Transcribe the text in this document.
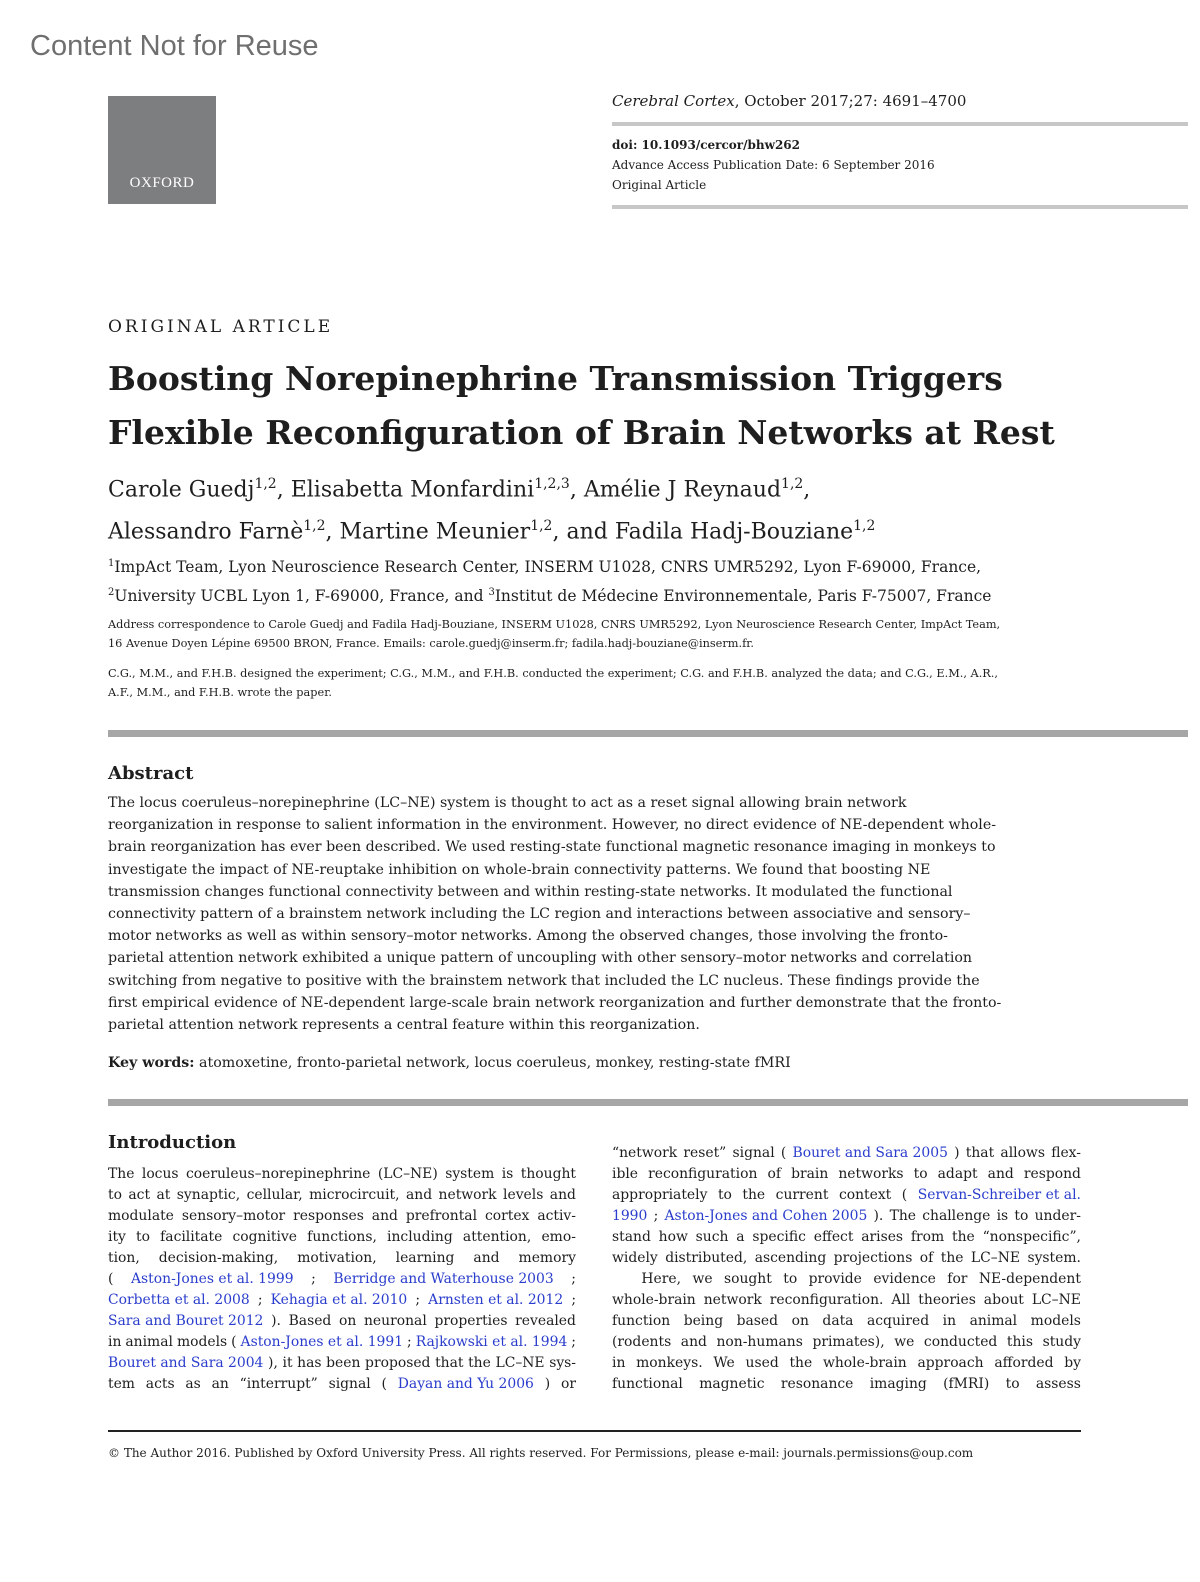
Content Not for Reuse
OXFORD
Cerebral Cortex, October 2017;27: 4691–4700
doi: 10.1093/cercor/bhw262
Advance Access Publication Date: 6 September 2016
Original Article
ORIGINAL ARTICLE
Boosting Norepinephrine Transmission Triggers
Flexible Reconfiguration of Brain Networks at Rest
Carole Guedj$^{1,2}$, Elisabetta Monfardini$^{1,2,3}$, Amélie J Reynaud$^{1,2}$,
Alessandro Farnè$^{1,2}$, Martine Meunier$^{1,2}$, and Fadila Hadj-Bouziane$^{1,2}$
$^1$ImpAct Team, Lyon Neuroscience Research Center, INSERM U1028, CNRS UMR5292, Lyon F-69000, France,
$^2$University UCBL Lyon 1, F-69000, France, and $^3$Institut de Médecine Environnementale, Paris F-75007, France
Address correspondence to Carole Guedj and Fadila Hadj-Bouziane, INSERM U1028, CNRS UMR5292, Lyon Neuroscience Research Center, ImpAct Team,
16 Avenue Doyen Lépine 69500 BRON, France. Emails: carole.guedj@inserm.fr; fadila.hadj-bouziane@inserm.fr.
C.G., M.M., and F.H.B. designed the experiment; C.G., M.M., and F.H.B. conducted the experiment; C.G. and F.H.B. analyzed the data; and C.G., E.M., A.R.,
A.F., M.M., and F.H.B. wrote the paper.
Abstract
The locus coeruleus–norepinephrine (LC–NE) system is thought to act as a reset signal allowing brain network
reorganization in response to salient information in the environment. However, no direct evidence of NE-dependent whole-
brain reorganization has ever been described. We used resting-state functional magnetic resonance imaging in monkeys to
investigate the impact of NE-reuptake inhibition on whole-brain connectivity patterns. We found that boosting NE
transmission changes functional connectivity between and within resting-state networks. It modulated the functional
connectivity pattern of a brainstem network including the LC region and interactions between associative and sensory–
motor networks as well as within sensory–motor networks. Among the observed changes, those involving the fronto-
parietal attention network exhibited a unique pattern of uncoupling with other sensory–motor networks and correlation
switching from negative to positive with the brainstem network that included the LC nucleus. These findings provide the
first empirical evidence of NE-dependent large-scale brain network reorganization and further demonstrate that the fronto-
parietal attention network represents a central feature within this reorganization.
Key words: atomoxetine, fronto-parietal network, locus coeruleus, monkey, resting-state fMRI
Introduction
The locus coeruleus–norepinephrine (LC–NE) system is thought
to act at synaptic, cellular, microcircuit, and network levels and
modulate sensory–motor responses and prefrontal cortex activ-
ity to facilitate cognitive functions, including attention, emo-
tion, decision-making, motivation, learning and memory
( Aston-Jones et al. 1999 ; Berridge and Waterhouse 2003 ;
Corbetta et al. 2008 ; Kehagia et al. 2010 ; Arnsten et al. 2012 ;
Sara and Bouret 2012 ). Based on neuronal properties revealed
in animal models ( Aston-Jones et al. 1991 ; Rajkowski et al. 1994 ;
Bouret and Sara 2004 ), it has been proposed that the LC–NE sys-
tem acts as an “interrupt” signal ( Dayan and Yu 2006 ) or
“network reset” signal ( Bouret and Sara 2005 ) that allows flex-
ible reconfiguration of brain networks to adapt and respond
appropriately to the current context ( Servan-Schreiber et al.
1990 ; Aston-Jones and Cohen 2005 ). The challenge is to under-
stand how such a specific effect arises from the “nonspecific”,
widely distributed, ascending projections of the LC–NE system.
Here, we sought to provide evidence for NE-dependent
whole-brain network reconfiguration. All theories about LC–NE
function being based on data acquired in animal models
(rodents and non-humans primates), we conducted this study
in monkeys. We used the whole-brain approach afforded by
functional magnetic resonance imaging (fMRI) to assess
© The Author 2016. Published by Oxford University Press. All rights reserved. For Permissions, please e-mail: journals.permissions@oup.com
